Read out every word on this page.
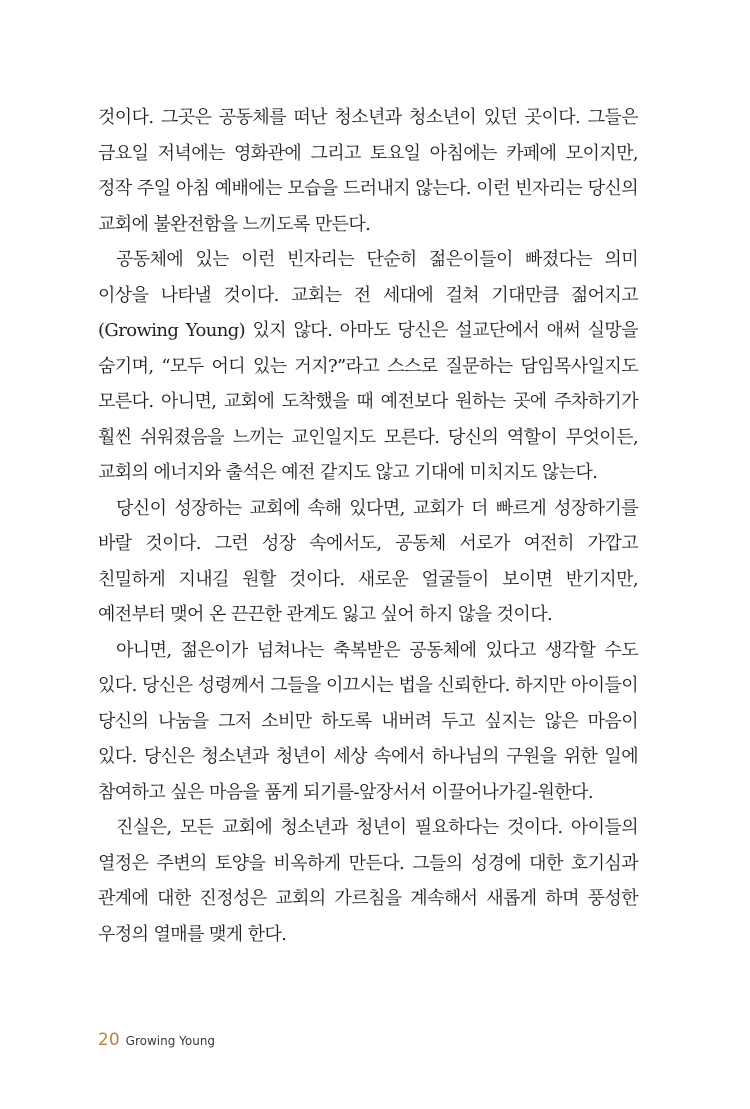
것이다. 그곳은 공동체를 떠난 청소년과 청소년이 있던 곳이다. 그들은 금요일 저녁에는 영화관에 그리고 토요일 아침에는 카페에 모이지만, 정작 주일 아침 예배에는 모습을 드러내지 않는다. 이런 빈자리는 당신의 교회에 불완전함을 느끼도록 만든다.

공동체에 있는 이런 빈자리는 단순히 젊은이들이 빠졌다는 의미 이상을 나타낼 것이다. 교회는 전 세대에 걸쳐 기대만큼 젊어지고(Growing Young) 있지 않다. 아마도 당신은 설교단에서 애써 실망을 숨기며, “모두 어디 있는 거지?”라고 스스로 질문하는 담임목사일지도 모른다. 아니면, 교회에 도착했을 때 예전보다 원하는 곳에 주차하기가 훨씬 쉬워졌음을 느끼는 교인일지도 모른다. 당신의 역할이 무엇이든, 교회의 에너지와 출석은 예전 같지도 않고 기대에 미치지도 않는다.

당신이 성장하는 교회에 속해 있다면, 교회가 더 빠르게 성장하기를 바랄 것이다. 그런 성장 속에서도, 공동체 서로가 여전히 가깝고 친밀하게 지내길 원할 것이다. 새로운 얼굴들이 보이면 반기지만, 예전부터 맺어 온 끈끈한 관계도 잃고 싶어 하지 않을 것이다.

아니면, 젊은이가 넘쳐나는 축복받은 공동체에 있다고 생각할 수도 있다. 당신은 성령께서 그들을 이끄시는 법을 신뢰한다. 하지만 아이들이 당신의 나눔을 그저 소비만 하도록 내버려 두고 싶지는 않은 마음이 있다. 당신은 청소년과 청년이 세상 속에서 하나님의 구원을 위한 일에 참여하고 싶은 마음을 품게 되기를-앞장서서 이끌어나가길-원한다.

진실은, 모든 교회에 청소년과 청년이 필요하다는 것이다. 아이들의 열정은 주변의 토양을 비옥하게 만든다. 그들의 성경에 대한 호기심과 관계에 대한 진정성은 교회의 가르침을 계속해서 새롭게 하며 풍성한 우정의 열매를 맺게 한다.

20 Growing Young
